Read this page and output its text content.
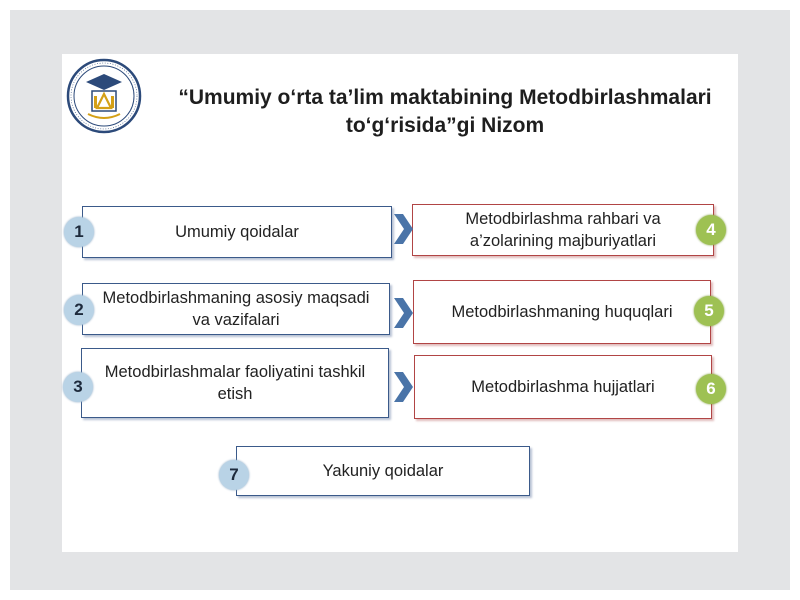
“Umumiy o‘rta ta’lim maktabining Metodbirlashmalari
to‘g‘risida”gi Nizom
Umumiy qoidalar
Metodbirlashmaning asosiy maqsadi va vazifalari
Metodbirlashmalar faoliyatini tashkil etish
Metodbirlashma rahbari va a’zolarining majburiyatlari
Metodbirlashmaning huquqlari
Metodbirlashma hujjatlari
Yakuniy qoidalar
1
2
3
4
5
6
7
